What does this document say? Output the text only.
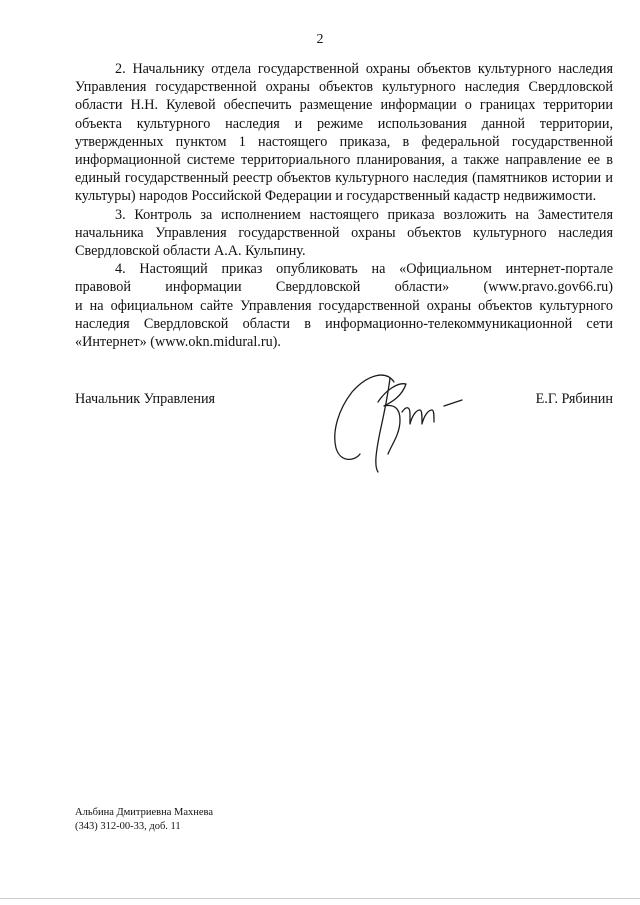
2

2. Начальнику отдела государственной охраны объектов культурного наследия Управления государственной охраны объектов культурного наследия Свердловской области Н.Н. Кулевой обеспечить размещение информации о границах территории объекта культурного наследия и режиме использования данной территории, утвержденных пунктом 1 настоящего приказа, в федеральной государственной информационной системе территориального планирования, а также направление ее в единый государственный реестр объектов культурного наследия (памятников истории и культуры) народов Российской Федерации и государственный кадастр недвижимости.

3. Контроль за исполнением настоящего приказа возложить на Заместителя начальника Управления государственной охраны объектов культурного наследия Свердловской области А.А. Кульпину.

4. Настоящий приказ опубликовать на «Официальном интернет-портале

правовой информации Свердловской области» (www.pravo.gov66.ru)

и на официальном сайте Управления государственной охраны объектов культурного

наследия Свердловской области в информационно-телекоммуникационной сети

«Интернет» (www.okn.midural.ru).

Начальник Управления	Е.Г. Рябинин
Альбина Дмитриевна Махнева
(343) 312-00-33, доб. 11
